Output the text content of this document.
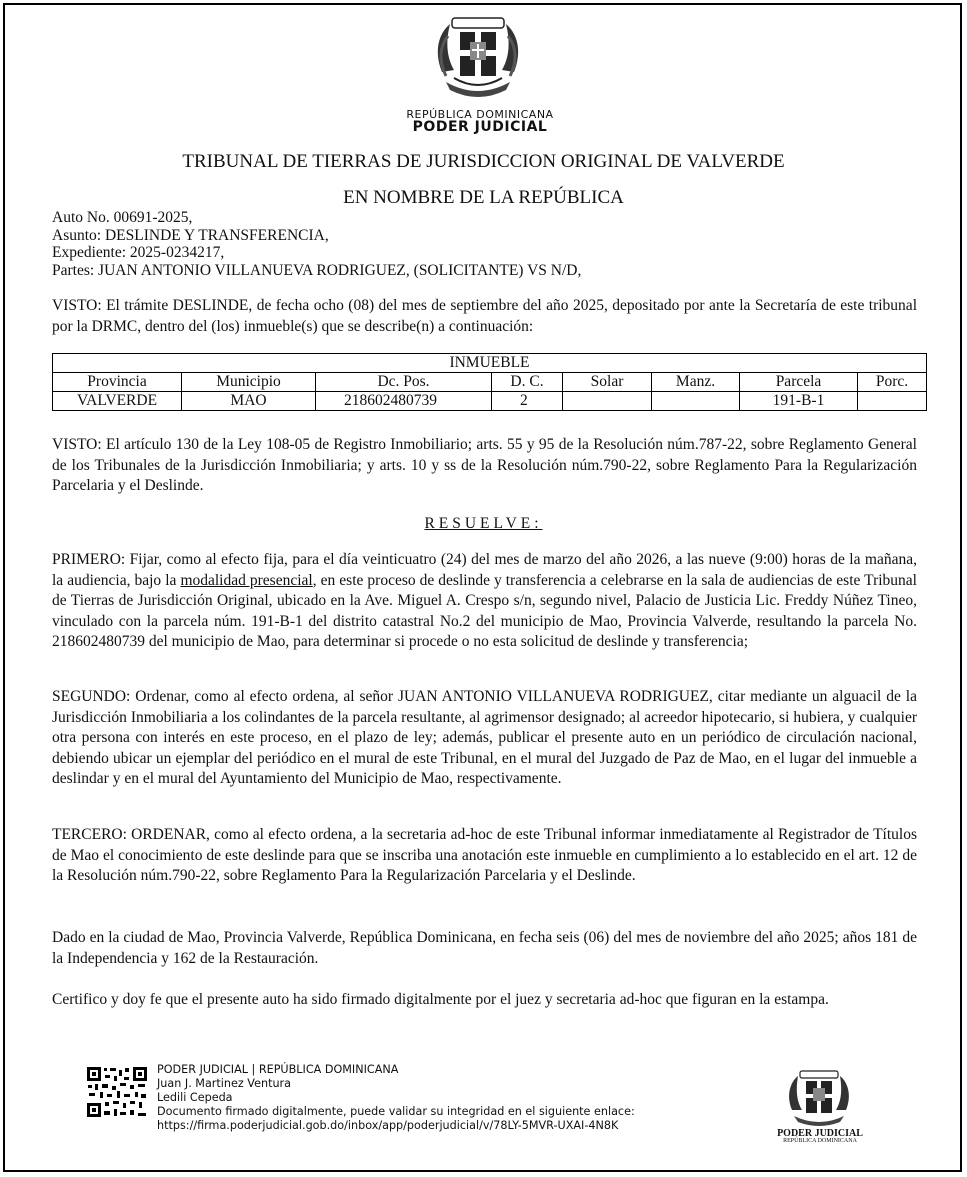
REPÚBLICA DOMINICANA
PODER JUDICIAL
TRIBUNAL DE TIERRAS DE JURISDICCION ORIGINAL DE VALVERDE
EN NOMBRE DE LA REPÚBLICA
Auto No. 00691-2025,
Asunto: DESLINDE Y TRANSFERENCIA,
Expediente: 2025-0234217,
Partes: JUAN ANTONIO VILLANUEVA RODRIGUEZ, (SOLICITANTE) VS N/D,
VISTO: El trámite DESLINDE, de fecha ocho (08) del mes de septiembre del año 2025, depositado por ante la Secretaría de este tribunal por la DRMC, dentro del (los) inmueble(s) que se describe(n) a continuación:
INMUEBLE							
Provincia	Municipio	Dc. Pos.	D. C.	Solar	Manz.	Parcela	Porc.
VALVERDE	MAO	218602480739	2			191-B-1	
VISTO: El artículo 130 de la Ley 108-05 de Registro Inmobiliario; arts. 55 y 95 de la Resolución núm.787-22, sobre Reglamento General de los Tribunales de la Jurisdicción Inmobiliaria; y arts. 10 y ss de la Resolución núm.790-22, sobre Reglamento Para la Regularización Parcelaria y el Deslinde.
RESUELVE:
PRIMERO: Fijar, como al efecto fija, para el día veinticuatro (24) del mes de marzo del año 2026, a las nueve (9:00) horas de la mañana, la audiencia, bajo la modalidad presencial, en este proceso de deslinde y transferencia a celebrarse en la sala de audiencias de este Tribunal de Tierras de Jurisdicción Original, ubicado en la Ave. Miguel A. Crespo s/n, segundo nivel, Palacio de Justicia Lic. Freddy Núñez Tineo, vinculado con la parcela núm. 191-B-1 del distrito catastral No.2 del municipio de Mao, Provincia Valverde, resultando la parcela No. 218602480739 del municipio de Mao, para determinar si procede o no esta solicitud de deslinde y transferencia;
SEGUNDO: Ordenar, como al efecto ordena, al señor JUAN ANTONIO VILLANUEVA RODRIGUEZ, citar mediante un alguacil de la Jurisdicción Inmobiliaria a los colindantes de la parcela resultante, al agrimensor designado; al acreedor hipotecario, si hubiera, y cualquier otra persona con interés en este proceso, en el plazo de ley; además, publicar el presente auto en un periódico de circulación nacional, debiendo ubicar un ejemplar del periódico en el mural de este Tribunal, en el mural del Juzgado de Paz de Mao, en el lugar del inmueble a deslindar y en el mural del Ayuntamiento del Municipio de Mao, respectivamente.
TERCERO: ORDENAR, como al efecto ordena, a la secretaria ad-hoc de este Tribunal informar inmediatamente al Registrador de Títulos de Mao el conocimiento de este deslinde para que se inscriba una anotación este inmueble en cumplimiento a lo establecido en el art. 12 de la Resolución núm.790-22, sobre Reglamento Para la Regularización Parcelaria y el Deslinde.
Dado en la ciudad de Mao, Provincia Valverde, República Dominicana, en fecha seis (06) del mes de noviembre del año 2025; años 181 de la Independencia y 162 de la Restauración.
Certifico y doy fe que el presente auto ha sido firmado digitalmente por el juez y secretaria ad-hoc que figuran en la estampa.
PODER JUDICIAL | REPÚBLICA DOMINICANA
Juan J. Martinez Ventura
Ledili Cepeda
Documento firmado digitalmente, puede validar su integridad en el siguiente enlace:
https://firma.poderjudicial.gob.do/inbox/app/poderjudicial/v/78LY-5MVR-UXAI-4N8K
PODER JUDICIAL
REPÚBLICA DOMINICANA
